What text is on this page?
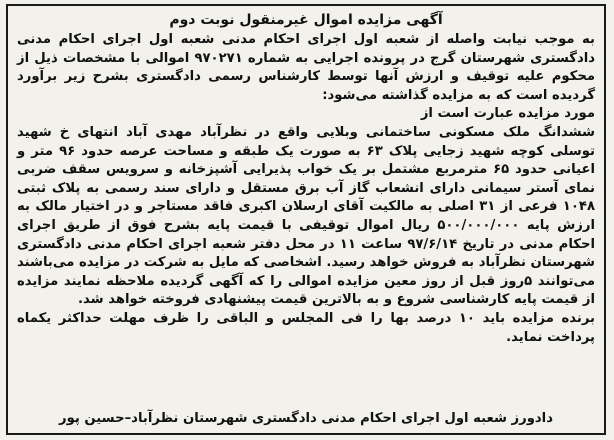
آگهی مزایده اموال غیرمنقول نوبت دوم

به موجب نیابت واصله از شعبه اول اجرای احکام مدنی شعبه اول اجرای احکام مدنی دادگستری شهرستان گرج در پرونده اجرایی به شماره ۹۷۰۲۷۱ اموالی با مشخصات ذیل از محکوم علیه توقیف و ارزش آنها توسط کارشناس رسمی دادگستری بشرح زیر برآورد گردیده است که به مزایده گذاشته می‌شود:

مورد مزایده عبارت است از

ششدانگ ملک مسکونی ساختمانی وبلایی واقع در نظرآباد مهدی آباد انتهای خ شهید توسلی کوچه شهید زجایی پلاک ۶۳ به صورت یک طبقه و مساحت عرصه حدود ۹۶ متر و اعیانی حدود ۶۵ مترمربع مشتمل بر یک خواب پذیرایی آشپزخانه و سرویس سقف ضربی نمای آستر سیمانی دارای انشعاب گاز آب برق مستقل و دارای سند رسمی به پلاک ثبتی ۱۰۴۸ فرعی از ۳۱ اصلی به مالکیت آقای ارسلان اکبری فاقد مستاجر و در اختیار مالک به ارزش پایه ۵۰۰/۰۰۰/۰۰۰ ریال اموال توقیفی با قیمت پایه بشرح فوق از طریق اجرای احکام مدنی در تاریخ ۹۷/۶/۱۴ ساعت ۱۱ در محل دفتر شعبه اجرای احکام مدنی دادگستری شهرستان نظرآباد به فروش خواهد رسید. اشخاصی که مایل به شرکت در مزایده می‌باشند می‌توانند ۵روز قبل از روز معین مزایده اموالی را که آگهی گردیده ملاحظه نمایند مزایده از قیمت پایه کارشناسی شروع و به بالاترین قیمت پیشنهادی فروخته خواهد شد.

برنده مزایده باید ۱۰ درصد بها را فی المجلس و الباقی را ظرف مهلت حداکثر یکماه پرداخت نماید.

دادورز شعبه اول اجرای احکام مدنی دادگستری شهرستان نظرآباد–حسین پور
